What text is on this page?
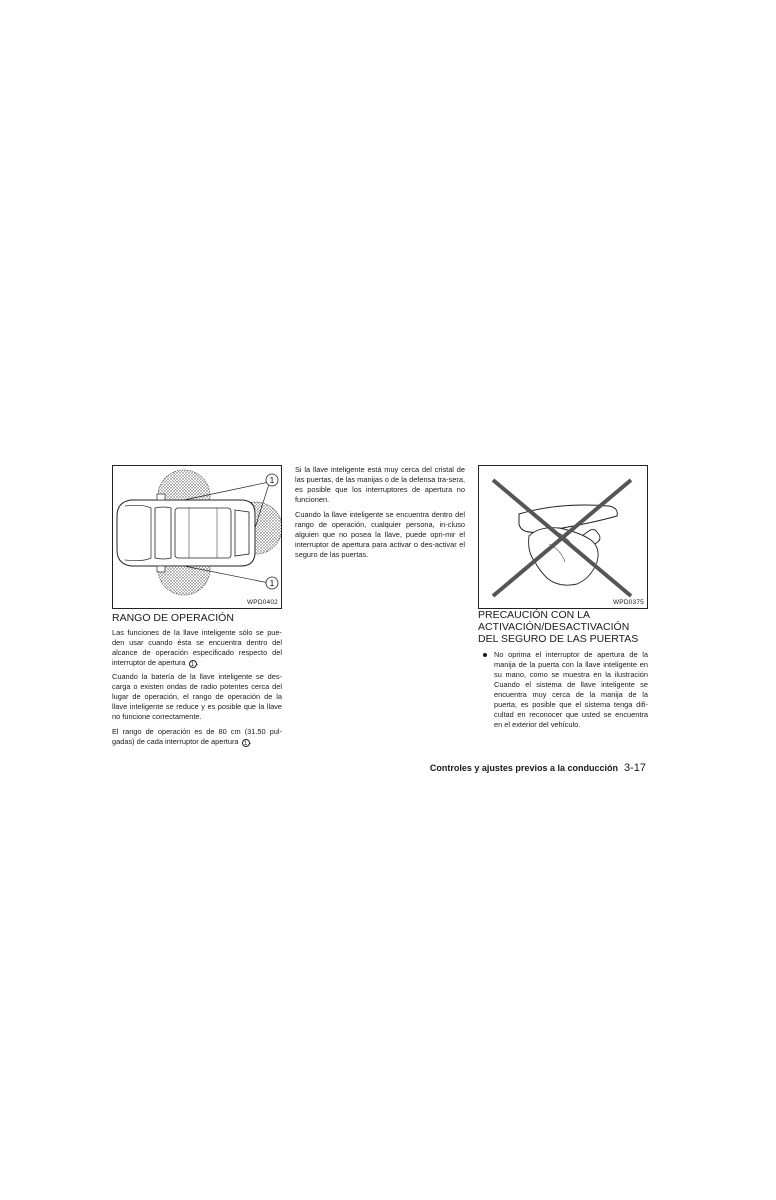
1
1
WPD0402	WPD0375
RANGO DE OPERACIÓN

Las funciones de la llave inteligente sólo se pue-den usar cuando ésta se encuentra dentro del alcance de operación especificado respecto del interruptor de apertura 1 .

Cuando la batería de la llave inteligente se des-carga o existen ondas de radio potentes cerca del lugar de operación, el rango de operación de la llave inteligente se reduce y es posible que la llave no funcione correctamente.

El rango de operación es de 80 cm (31.50 pul-gadas) de cada interruptor de apertura 1 .

Si la llave inteligente está muy cerca del cristal de las puertas, de las manijas o de la defensa tra-sera, es posible que los interruptores de apertura no funcionen.

Cuando la llave inteligente se encuentra dentro del rango de operación, cualquier persona, in-cluso alguien que no posea la llave, puede opri-mir el interruptor de apertura para activar o des-activar el seguro de las puertas.

PRECAUCIÓN CON LA ACTIVACIÓN/DESACTIVACIÓN DEL SEGURO DE LAS PUERTAS

No oprima el interruptor de apertura de la manija de la puerta con la llave inteligente en su mano, como se muestra en la ilustración Cuando el sistema de llave inteligente se encuentra muy cerca de la manija de la puerta, es posible que el sistema tenga difi-cultad en reconocer que usted se encuentra en el exterior del vehículo.

Controles y ajustes previos a la conducción 3-17
